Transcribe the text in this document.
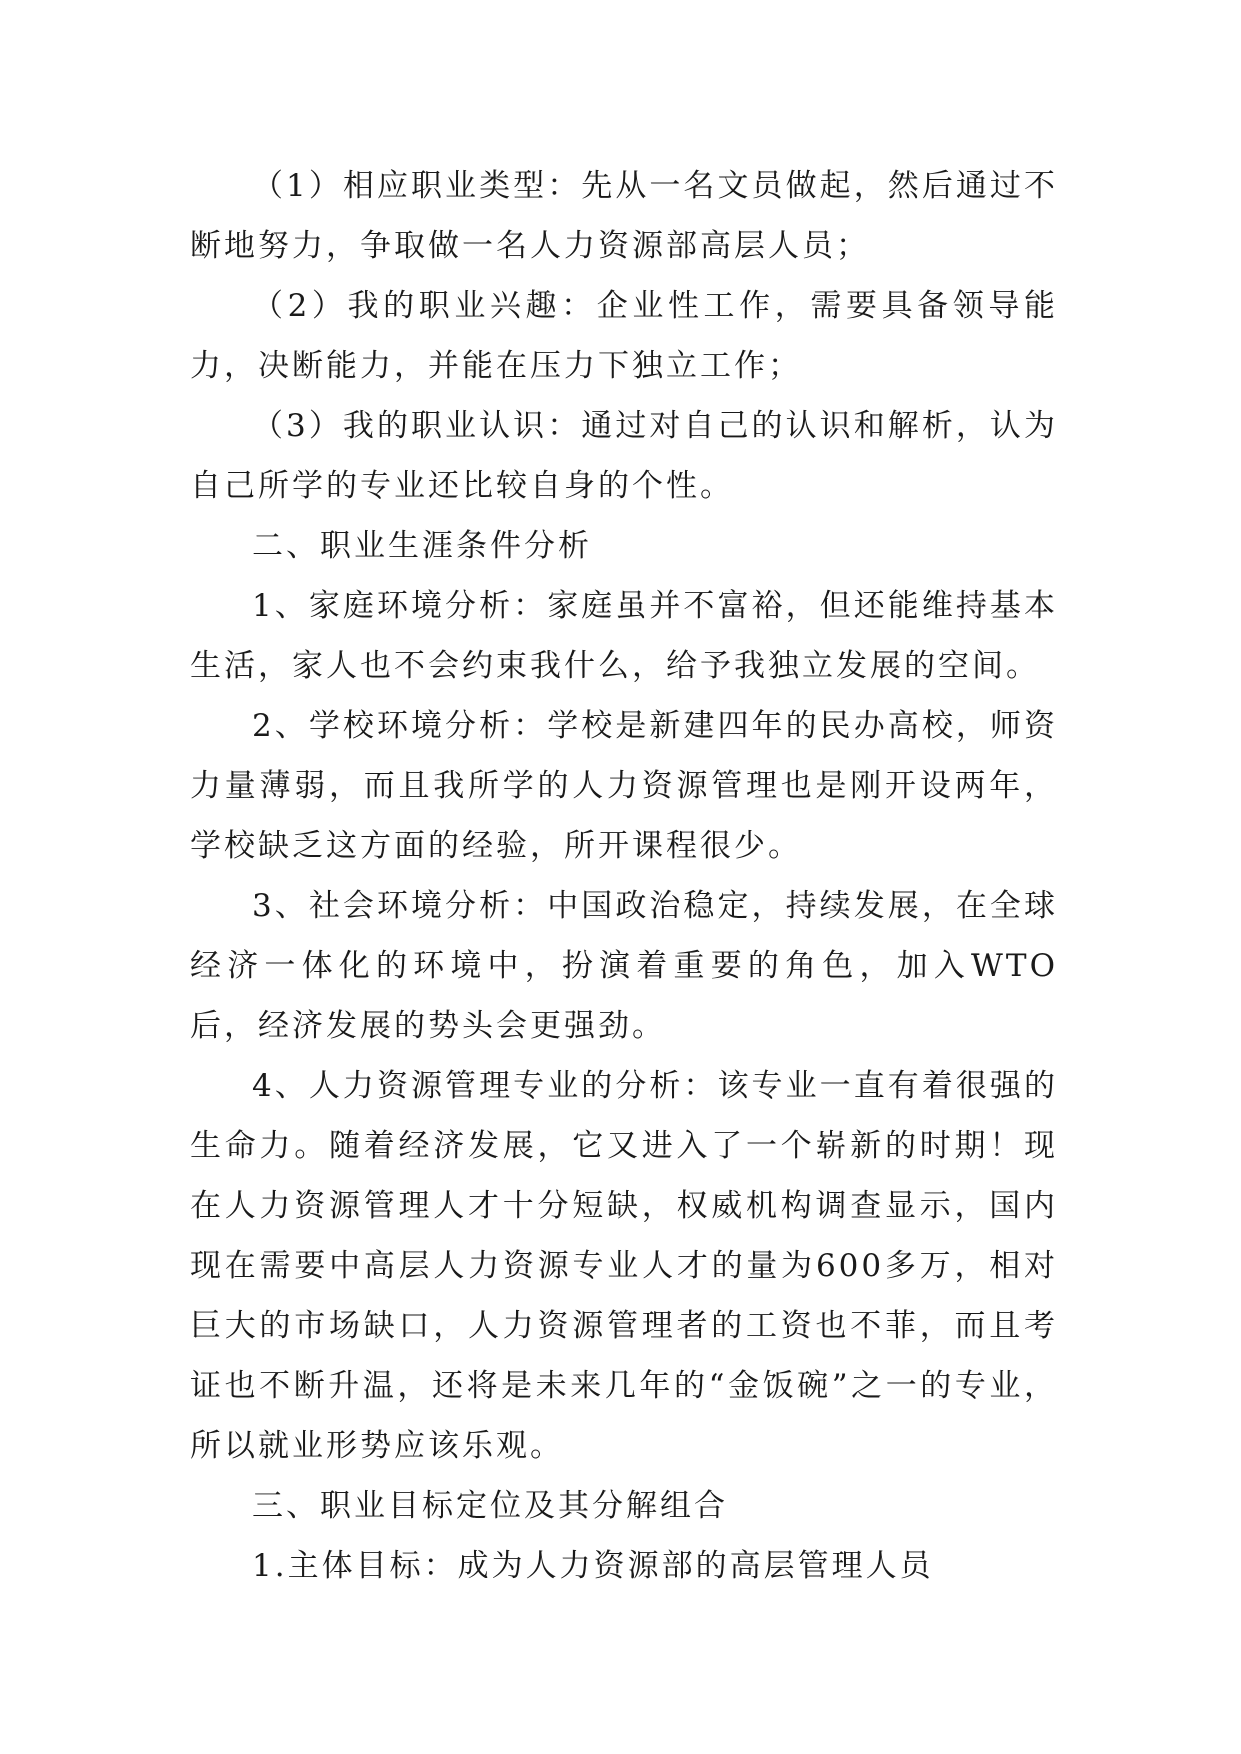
（1）相应职业类型：先从一名文员做起，然后通过不断地努力，争取做一名人力资源部高层人员；

（2）我的职业兴趣：企业性工作，需要具备领导能力，决断能力，并能在压力下独立工作；

（3）我的职业认识：通过对自己的认识和解析，认为自己所学的专业还比较自身的个性。

二、职业生涯条件分析

1、家庭环境分析：家庭虽并不富裕，但还能维持基本生活，家人也不会约束我什么，给予我独立发展的空间。

2、学校环境分析：学校是新建四年的民办高校，师资力量薄弱，而且我所学的人力资源管理也是刚开设两年，学校缺乏这方面的经验，所开课程很少。

3、社会环境分析：中国政治稳定，持续发展，在全球经济一体化的环境中，扮演着重要的角色，加入WTO后，经济发展的势头会更强劲。

4、人力资源管理专业的分析：该专业一直有着很强的生命力。随着经济发展，它又进入了一个崭新的时期！现在人力资源管理人才十分短缺，权威机构调查显示，国内现在需要中高层人力资源专业人才的量为600多万，相对巨大的市场缺口，人力资源管理者的工资也不菲，而且考证也不断升温，还将是未来几年的“金饭碗”之一的专业，所以就业形势应该乐观。

三、职业目标定位及其分解组合

1.主体目标：成为人力资源部的高层管理人员
